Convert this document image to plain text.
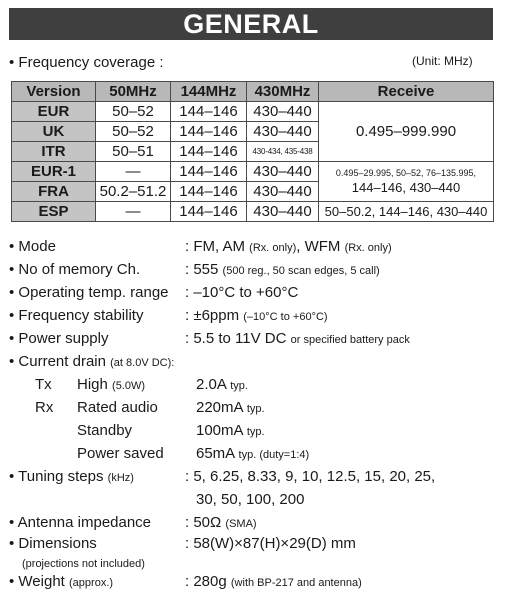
GENERAL
• Frequency coverage :	(Unit: MHz)
Version	50MHz	144MHz	430MHz	Receive
EUR	50–52	144–146	430–440	0.495–999.990
UK	50–52	144–146	430–440	
ITR	50–51	144–146	430-434, 435-438	
EUR-1	—	144–146	430–440	0.495–29.995, 50–52, 76–135.995,
144–146, 430–440

FRA	50.2–51.2	144–146	430–440	
ESP	—	144–146	430–440	50–50.2, 144–146, 430–440
• Mode	: FM, AM (Rx. only), WFM (Rx. only)
• No of memory Ch.	: 555 (500 reg., 50 scan edges, 5 call)
• Operating temp. range : –10°C to +60°C
• Frequency stability	: ±6ppm (–10°C to +60°C)
• Power supply	: 5.5 to 11V DC or specified battery pack
• Current drain (at 8.0V DC):
Tx High (5.0W)	2.0A typ.
Rx Rated audio	220mA typ.
Standby	100mA typ.
Power saved 65mA typ. (duty=1:4)
• Tuning steps (kHz)	: 5, 6.25, 8.33, 9, 10, 12.5, 15, 20, 25,
30, 50, 100, 200
• Antenna impedance : 50Ω (SMA)
• Dimensions	: 58(W)×87(H)×29(D) mm
(projections not included)
• Weight (approx.)	: 280g (with BP-217 and antenna)
